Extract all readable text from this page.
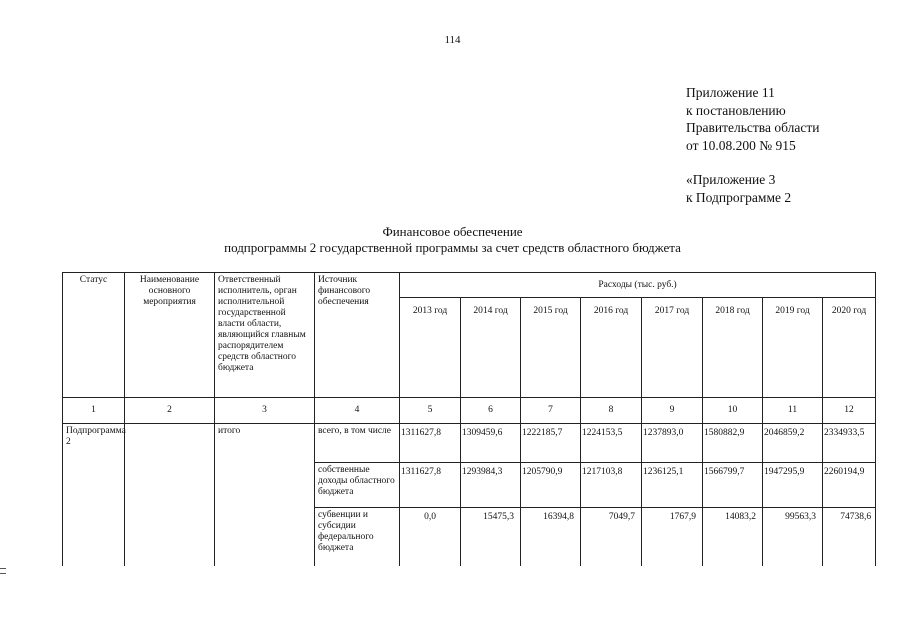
114
Приложение 11
к постановлению
Правительства области
от 10.08.200 № 915
«Приложение 3
к Подпрограмме 2
Финансовое обеспечение
подпрограммы 2 государственной программы за счет средств областного бюджета
Статус	Наименование основного мероприятия	Ответственный исполнитель, орган исполнительной государственной власти области, являющийся главным распорядителем средств областного бюджета	Источник финансового обеспечения	Расходы (тыс. руб.)							
				2013 год	2014 год	2015 год	2016 год	2017 год	2018 год	2019 год	2020 год
1	2	3	4	5	6	7	8	9	10	11	12
Подпрограмма 2		итого	всего, в том числе	1311627,8	1309459,6	1222185,7	1224153,5	1237893,0	1580882,9	2046859,2	2334933,5
			собственные доходы областного бюджета	1311627,8	1293984,3	1205790,9	1217103,8	1236125,1	1566799,7	1947295,9	2260194,9
			субвенции и субсидии федерального бюджета	0,0	15475,3	16394,8	7049,7	1767,9	14083,2	99563,3	74738,6
